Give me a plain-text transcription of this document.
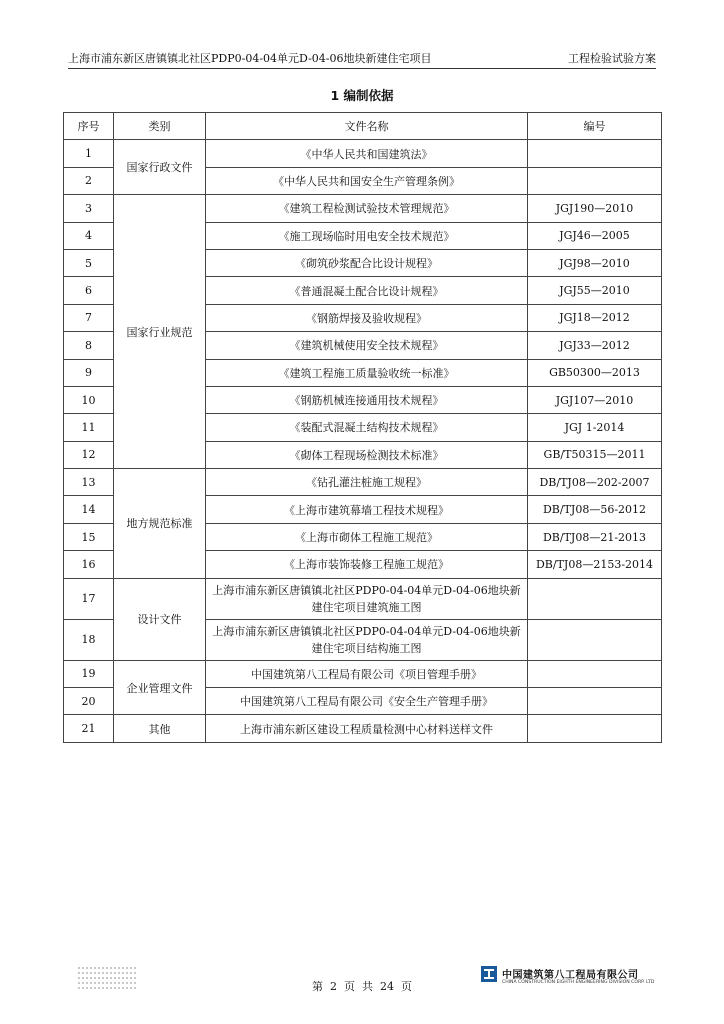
上海市浦东新区唐镇镇北社区PDP0-04-04单元D-04-06地块新建住宅项目	工程检验试验方案
1 编制依据
序号	类别	文件名称	编号
1	国家行政文件	《中华人民共和国建筑法》	
2		《中华人民共和国安全生产管理条例》	
3	国家行业规范	《建筑工程检测试验技术管理规范》	JGJ190—2010
4		《施工现场临时用电安全技术规范》	JGJ46—2005
5		《砌筑砂浆配合比设计规程》	JGJ98—2010
6		《普通混凝土配合比设计规程》	JGJ55—2010
7		《钢筋焊接及验收规程》	JGJ18—2012
8		《建筑机械使用安全技术规程》	JGJ33—2012
9		《建筑工程施工质量验收统一标准》	GB50300—2013
10		《钢筋机械连接通用技术规程》	JGJ107—2010
11		《装配式混凝土结构技术规程》	JGJ 1-2014
12		《砌体工程现场检测技术标准》	GB/T50315—2011
13	地方规范标准	《钻孔灌注桩施工规程》	DB/TJ08—202-2007
14		《上海市建筑幕墙工程技术规程》	DB/TJ08—56-2012
15		《上海市砌体工程施工规范》	DB/TJ08—21-2013
16		《上海市装饰装修工程施工规范》	DB/TJ08—2153-2014
17	设计文件	上海市浦东新区唐镇镇北社区PDP0-04-04单元D-04-06地块新建住宅项目建筑施工图	
18		上海市浦东新区唐镇镇北社区PDP0-04-04单元D-04-06地块新建住宅项目结构施工图	
19	企业管理文件	中国建筑第八工程局有限公司《项目管理手册》	
20		中国建筑第八工程局有限公司《安全生产管理手册》	
21	其他	上海市浦东新区建设工程质量检测中心材料送样文件	
第  2  页  共  24  页
中国建筑第八工程局有限公司
CHINA CONSTRUCTION EIGHTH ENGINEERING DIVISION CORP. LTD
